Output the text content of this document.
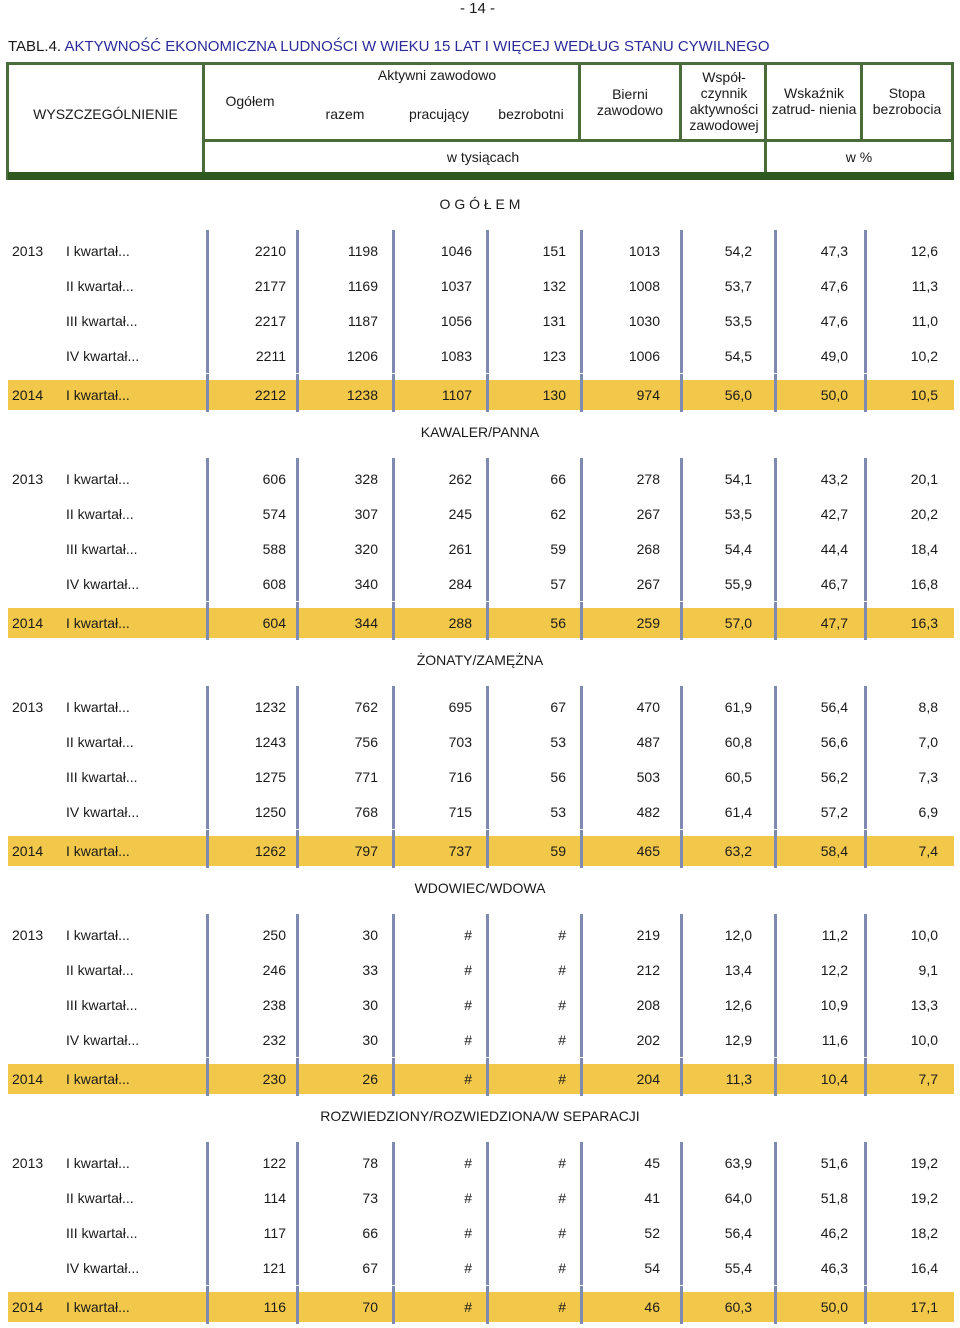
- 14 -
TABL.4. AKTYWNOŚĆ EKONOMICZNA LUDNOŚCI W WIEKU 15 LAT I WIĘCEJ WEDŁUG STANU CYWILNEGO
WYSZCZEGÓLNIENIE
Ogółem
Aktywni zawodowo
razem	pracujący	bezrobotni
Bierni zawodowo
Współ- czynnik aktywności zawodowej
Wskaźnik zatrud- nienia
Stopa bezrobocia
w tysiącach	w %
O G Ó Ł E M
2013 I kwartał...	2210	1198	1046	151	1013	54,2	47,3	12,6
II kwartał...	2177	1169	1037	132	1008	53,7	47,6	11,3
III kwartał...	2217	1187	1056	131	1030	53,5	47,6	11,0
IV kwartał...	2211	1206	1083	123	1006	54,5	49,0	10,2
2014 I kwartał...	2212	1238	1107	130	974	56,0	50,0	10,5
KAWALER/PANNA
2013 I kwartał...	606	328	262	66	278	54,1	43,2	20,1
II kwartał...	574	307	245	62	267	53,5	42,7	20,2
III kwartał...	588	320	261	59	268	54,4	44,4	18,4
IV kwartał...	608	340	284	57	267	55,9	46,7	16,8
2014 I kwartał...	604	344	288	56	259	57,0	47,7	16,3
ŻONATY/ZAMĘŻNA
2013 I kwartał...	1232	762	695	67	470	61,9	56,4	8,8
II kwartał...	1243	756	703	53	487	60,8	56,6	7,0
III kwartał...	1275	771	716	56	503	60,5	56,2	7,3
IV kwartał...	1250	768	715	53	482	61,4	57,2	6,9
2014 I kwartał...	1262	797	737	59	465	63,2	58,4	7,4
WDOWIEC/WDOWA
2013 I kwartał...	250	30	#	#	219	12,0	11,2	10,0
II kwartał...	246	33	#	#	212	13,4	12,2	9,1
III kwartał...	238	30	#	#	208	12,6	10,9	13,3
IV kwartał...	232	30	#	#	202	12,9	11,6	10,0
2014 I kwartał...	230	26	#	#	204	11,3	10,4	7,7
ROZWIEDZIONY/ROZWIEDZIONA/W SEPARACJI
2013 I kwartał...	122	78	#	#	45	63,9	51,6	19,2
II kwartał...	114	73	#	#	41	64,0	51,8	19,2
III kwartał...	117	66	#	#	52	56,4	46,2	18,2
IV kwartał...	121	67	#	#	54	55,4	46,3	16,4
2014 I kwartał...	116	70	#	#	46	60,3	50,0	17,1
